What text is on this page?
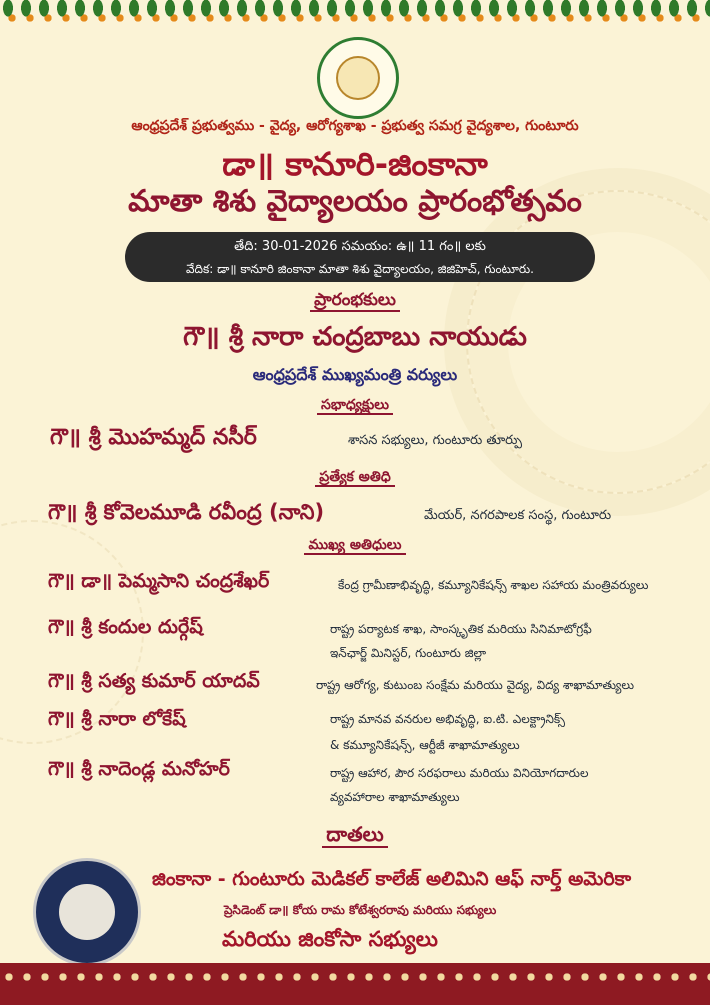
ఆంధ్రప్రదేశ్ ప్రభుత్వము - వైద్య, ఆరోగ్యశాఖ - ప్రభుత్వ సమగ్ర వైద్యశాల, గుంటూరు
డా॥ కానూరి-జింకానా
మాతా శిశు వైద్యాలయం ప్రారంభోత్సవం
తేది: 30-01-2026 సమయం: ఉ॥ 11 గం॥ లకు
వేదిక: డా॥ కానూరి జింకానా మాతా శిశు వైద్యాలయం, జిజిహెచ్, గుంటూరు.
ప్రారంభకులు
గౌ॥ శ్రీ నారా చంద్రబాబు నాయుడు
ఆంధ్రప్రదేశ్ ముఖ్యమంత్రి వర్యులు
సభాధ్యక్షులు
గౌ॥ శ్రీ మొహమ్మద్ నసీర్	శాసన సభ్యులు, గుంటూరు తూర్పు
ప్రత్యేక అతిధి
గౌ॥ శ్రీ కోవెలమూడి రవీంద్ర (నాని)	మేయర్, నగరపాలక సంస్థ, గుంటూరు
ముఖ్య అతిధులు
గౌ॥ డా॥ పెమ్మసాని చంద్రశేఖర్	కేంద్ర గ్రామీణాభివృద్ధి, కమ్యూనికేషన్స్ శాఖల సహాయ మంత్రివర్యులు
గౌ॥ శ్రీ కందుల దుర్గేష్	రాష్ట్ర పర్యాటక శాఖ, సాంస్కృతిక మరియు సినిమాటోగ్రఫీ
ఇన్‌ఛార్జ్ మినిస్టర్, గుంటూరు జిల్లా
గౌ॥ శ్రీ సత్య కుమార్ యాదవ్	రాష్ట్ర ఆరోగ్య, కుటుంబ సంక్షేమ మరియు వైద్య, విద్య శాఖామాత్యులు
గౌ॥ శ్రీ నారా లోకేష్	రాష్ట్ర మానవ వనరుల అభివృద్ధి, ఐ.టి. ఎలక్ట్రానిక్స్
& కమ్యూనికేషన్స్, ఆర్టీజీ శాఖామాత్యులు
గౌ॥ శ్రీ నాదెండ్ల మనోహర్	రాష్ట్ర ఆహార, పౌర సరఫరాలు మరియు వినియోగదారుల
వ్యవహారాల శాఖామాత్యులు
దాతలు
జింకానా - గుంటూరు మెడికల్ కాలేజ్ అలిమిని ఆఫ్ నార్త్ అమెరికా
ప్రెసిడెంట్ డా॥ కోయ రామ కోటేశ్వరరావు మరియు సభ్యులు
మరియు జింకోసా సభ్యులు
